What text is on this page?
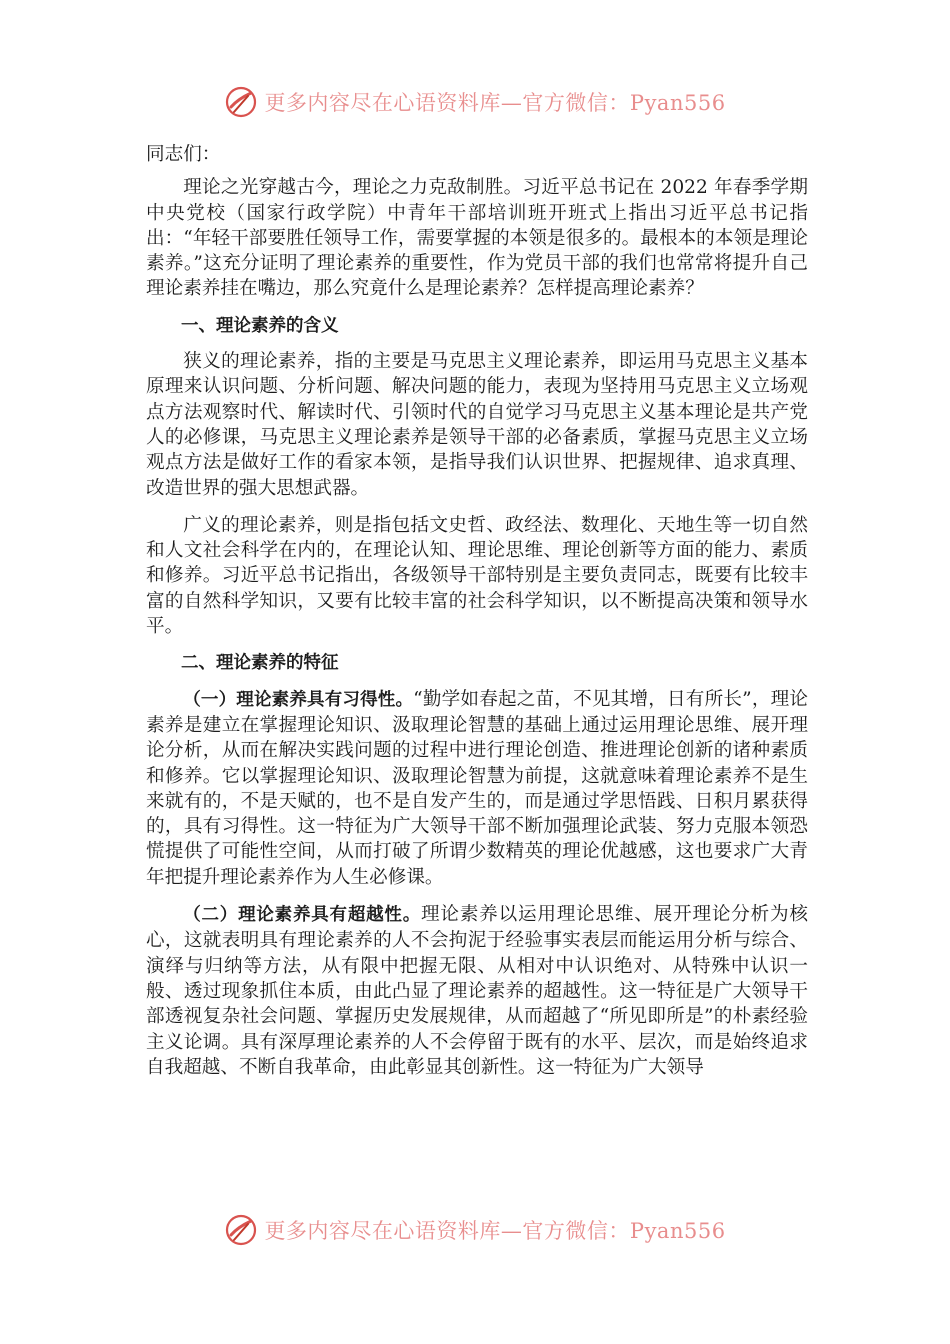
更多内容尽在心语资料库—官方微信：Pyan556

同志们：

理论之光穿越古今，理论之力克敌制胜。习近平总书记在 2022 年春季学期中央党校（国家行政学院）中青年干部培训班开班式上指出习近平总书记指出：“年轻干部要胜任领导工作，需要掌握的本领是很多的。最根本的本领是理论素养。”这充分证明了理论素养的重要性，作为党员干部的我们也常常将提升自己理论素养挂在嘴边，那么究竟什么是理论素养？怎样提高理论素养？

一、理论素养的含义

狭义的理论素养，指的主要是马克思主义理论素养，即运用马克思主义基本原理来认识问题、分析问题、解决问题的能力，表现为坚持用马克思主义立场观点方法观察时代、解读时代、引领时代的自觉学习马克思主义基本理论是共产党人的必修课，马克思主义理论素养是领导干部的必备素质，掌握马克思主义立场观点方法是做好工作的看家本领，是指导我们认识世界、把握规律、追求真理、改造世界的强大思想武器。

广义的理论素养，则是指包括文史哲、政经法、数理化、天地生等一切自然和人文社会科学在内的，在理论认知、理论思维、理论创新等方面的能力、素质和修养。习近平总书记指出，各级领导干部特别是主要负责同志，既要有比较丰富的自然科学知识，又要有比较丰富的社会科学知识，以不断提高决策和领导水平。

二、理论素养的特征

（一）理论素养具有习得性。“勤学如春起之苗，不见其增，日有所长”，理论素养是建立在掌握理论知识、汲取理论智慧的基础上通过运用理论思维、展开理论分析，从而在解决实践问题的过程中进行理论创造、推进理论创新的诸种素质和修养。它以掌握理论知识、汲取理论智慧为前提，这就意味着理论素养不是生来就有的，不是天赋的，也不是自发产生的，而是通过学思悟践、日积月累获得的，具有习得性。这一特征为广大领导干部不断加强理论武装、努力克服本领恐慌提供了可能性空间，从而打破了所谓少数精英的理论优越感，这也要求广大青年把提升理论素养作为人生必修课。

（二）理论素养具有超越性。理论素养以运用理论思维、展开理论分析为核心，这就表明具有理论素养的人不会拘泥于经验事实表层而能运用分析与综合、演绎与归纳等方法，从有限中把握无限、从相对中认识绝对、从特殊中认识一般、透过现象抓住本质，由此凸显了理论素养的超越性。这一特征是广大领导干部透视复杂社会问题、掌握历史发展规律，从而超越了“所见即所是”的朴素经验主义论调。具有深厚理论素养的人不会停留于既有的水平、层次，而是始终追求自我超越、不断自我革命，由此彰显其创新性。这一特征为广大领导

更多内容尽在心语资料库—官方微信：Pyan556
